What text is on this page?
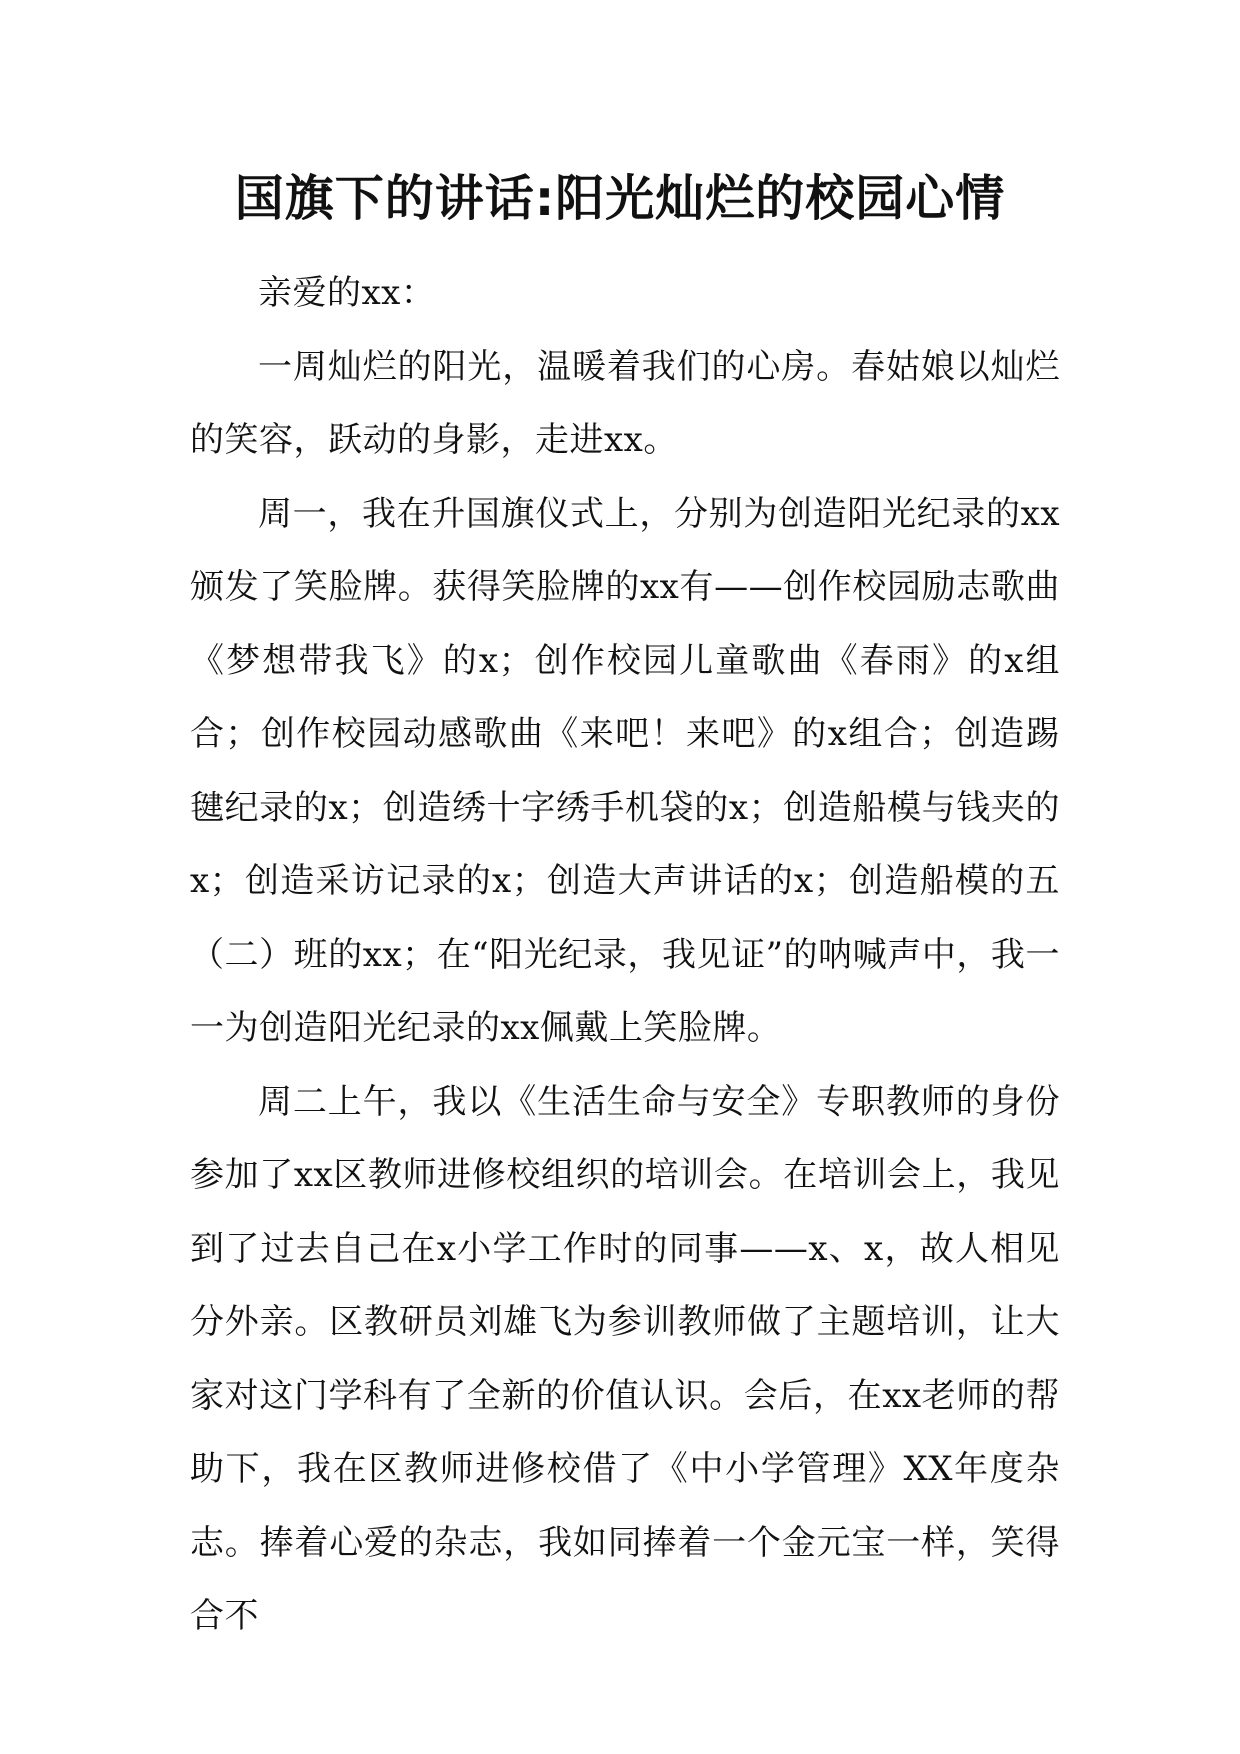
国旗下的讲话:阳光灿烂的校园心情

亲爱的xx：

一周灿烂的阳光，温暖着我们的心房。春姑娘以灿烂的笑容，跃动的身影，走进xx。

周一，我在升国旗仪式上，分别为创造阳光纪录的xx颁发了笑脸牌。获得笑脸牌的xx有——创作校园励志歌曲《梦想带我飞》的x；创作校园儿童歌曲《春雨》的x组合；创作校园动感歌曲《来吧！来吧》的x组合；创造踢毽纪录的x；创造绣十字绣手机袋的x；创造船模与钱夹的x；创造采访记录的x；创造大声讲话的x；创造船模的五（二）班的xx；在“阳光纪录，我见证”的呐喊声中，我一一为创造阳光纪录的xx佩戴上笑脸牌。

周二上午，我以《生活生命与安全》专职教师的身份参加了xx区教师进修校组织的培训会。在培训会上，我见到了过去自己在x小学工作时的同事——x、x，故人相见分外亲。区教研员刘雄飞为参训教师做了主题培训，让大家对这门学科有了全新的价值认识。会后，在xx老师的帮助下，我在区教师进修校借了《中小学管理》XX年度杂志。捧着心爱的杂志，我如同捧着一个金元宝一样，笑得合不
